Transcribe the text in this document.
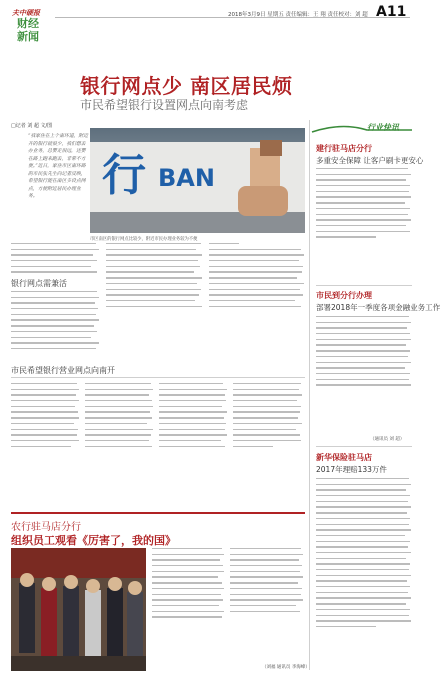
夫中硬报
财经
新闻
2018年3月9日 星期五 责任编辑：王 翔 责任校对：刘 超 A11
银行网点少 南区居民烦
市民希望银行设置网点向南考虑
□记者 刘 超 文/图
“我家住在上个南环道，附近开的银行就很少，我们想去办业务，总要走很远，还要在路上跑来跑去，非常不方便。”近日，家住市区南环路的市民张先生向记者反映，希望银行能在南区多设点网点，方便附近居民办理业务。	行 BAN
市区南区的银行网点比较少，附近市民办理业务较为不便
银行网点需兼活
市民希望银行营业网点向南开
农行驻马店分行
组织员工观看《厉害了，我的国》
（刘福 通讯员 李海峰）
行业快讯
建行驻马店分行
多重安全保障 让客户刷卡更安心
市民到分行办理
部署2018年一季度各项金融业务工作
（通讯员 刘 超）
新华保险驻马店
2017年理赔133万件
